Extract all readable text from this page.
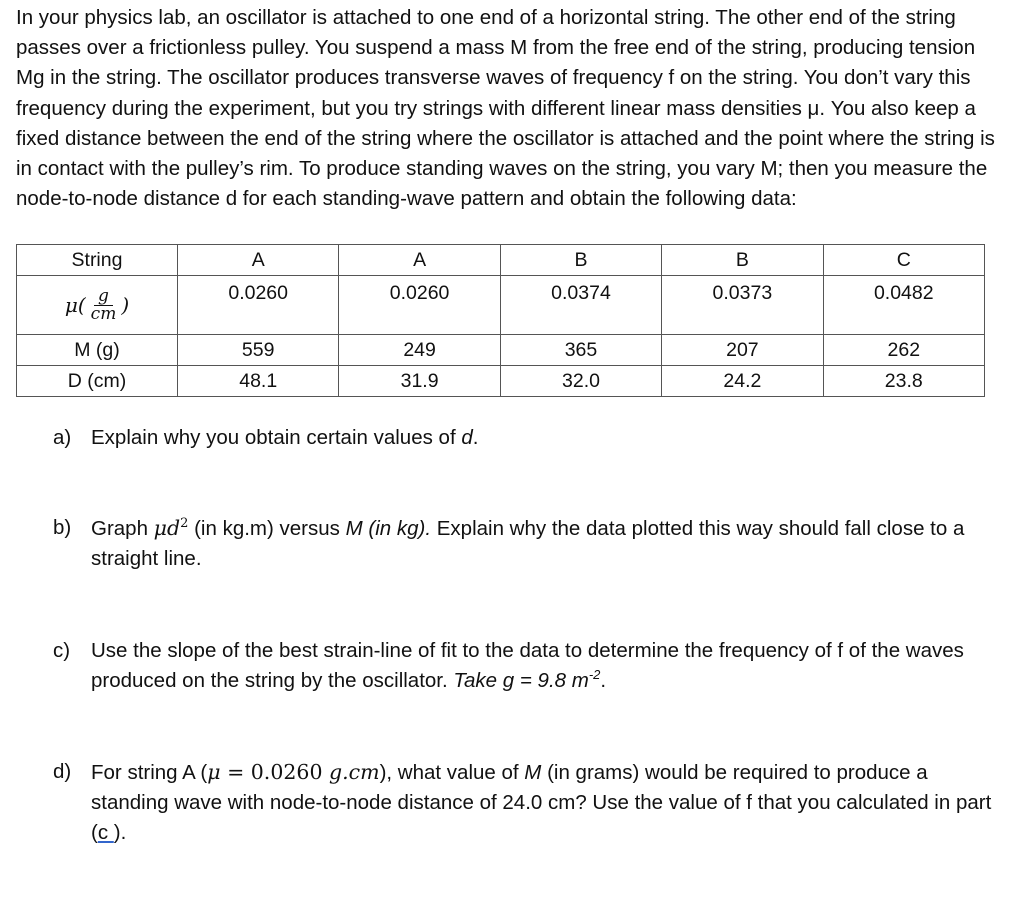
In your physics lab, an oscillator is attached to one end of a horizontal string. The other end of the string passes over a frictionless pulley. You suspend a mass M from the free end of the string, producing tension Mg in the string. The oscillator produces transverse waves of frequency f on the string. You don’t vary this frequency during the experiment, but you try strings with different linear mass densities μ. You also keep a fixed distance between the end of the string where the oscillator is attached and the point where the string is in contact with the pulley’s rim. To produce standing waves on the string, you vary M; then you measure the node-to-node distance d for each standing-wave pattern and obtain the following data:

String	A	A	B	B	C

$\mu( \frac{g}{cm}$ )	0.0260	0.0260	0.0374	0.0373	0.0482
M (g)	559	249	365	207	262
D (cm)	48.1	31.9	32.0	24.2	23.8
a) Explain why you obtain certain values of d.
b) Graph $\mu d^2$ (in kg.m) versus M (in kg). Explain why the data plotted this way should fall close to a straight line.
c) Use the slope of the best strain-line of fit to the data to determine the frequency of f of the waves produced on the string by the oscillator. Take g = 9.8 $m^{-2}$.
d) For string A (μ = 0.0260 g.cm), what value of M (in grams) would be required to produce a standing wave with node-to-node distance of 24.0 cm? Use the value of f that you calculated in part (c ).
